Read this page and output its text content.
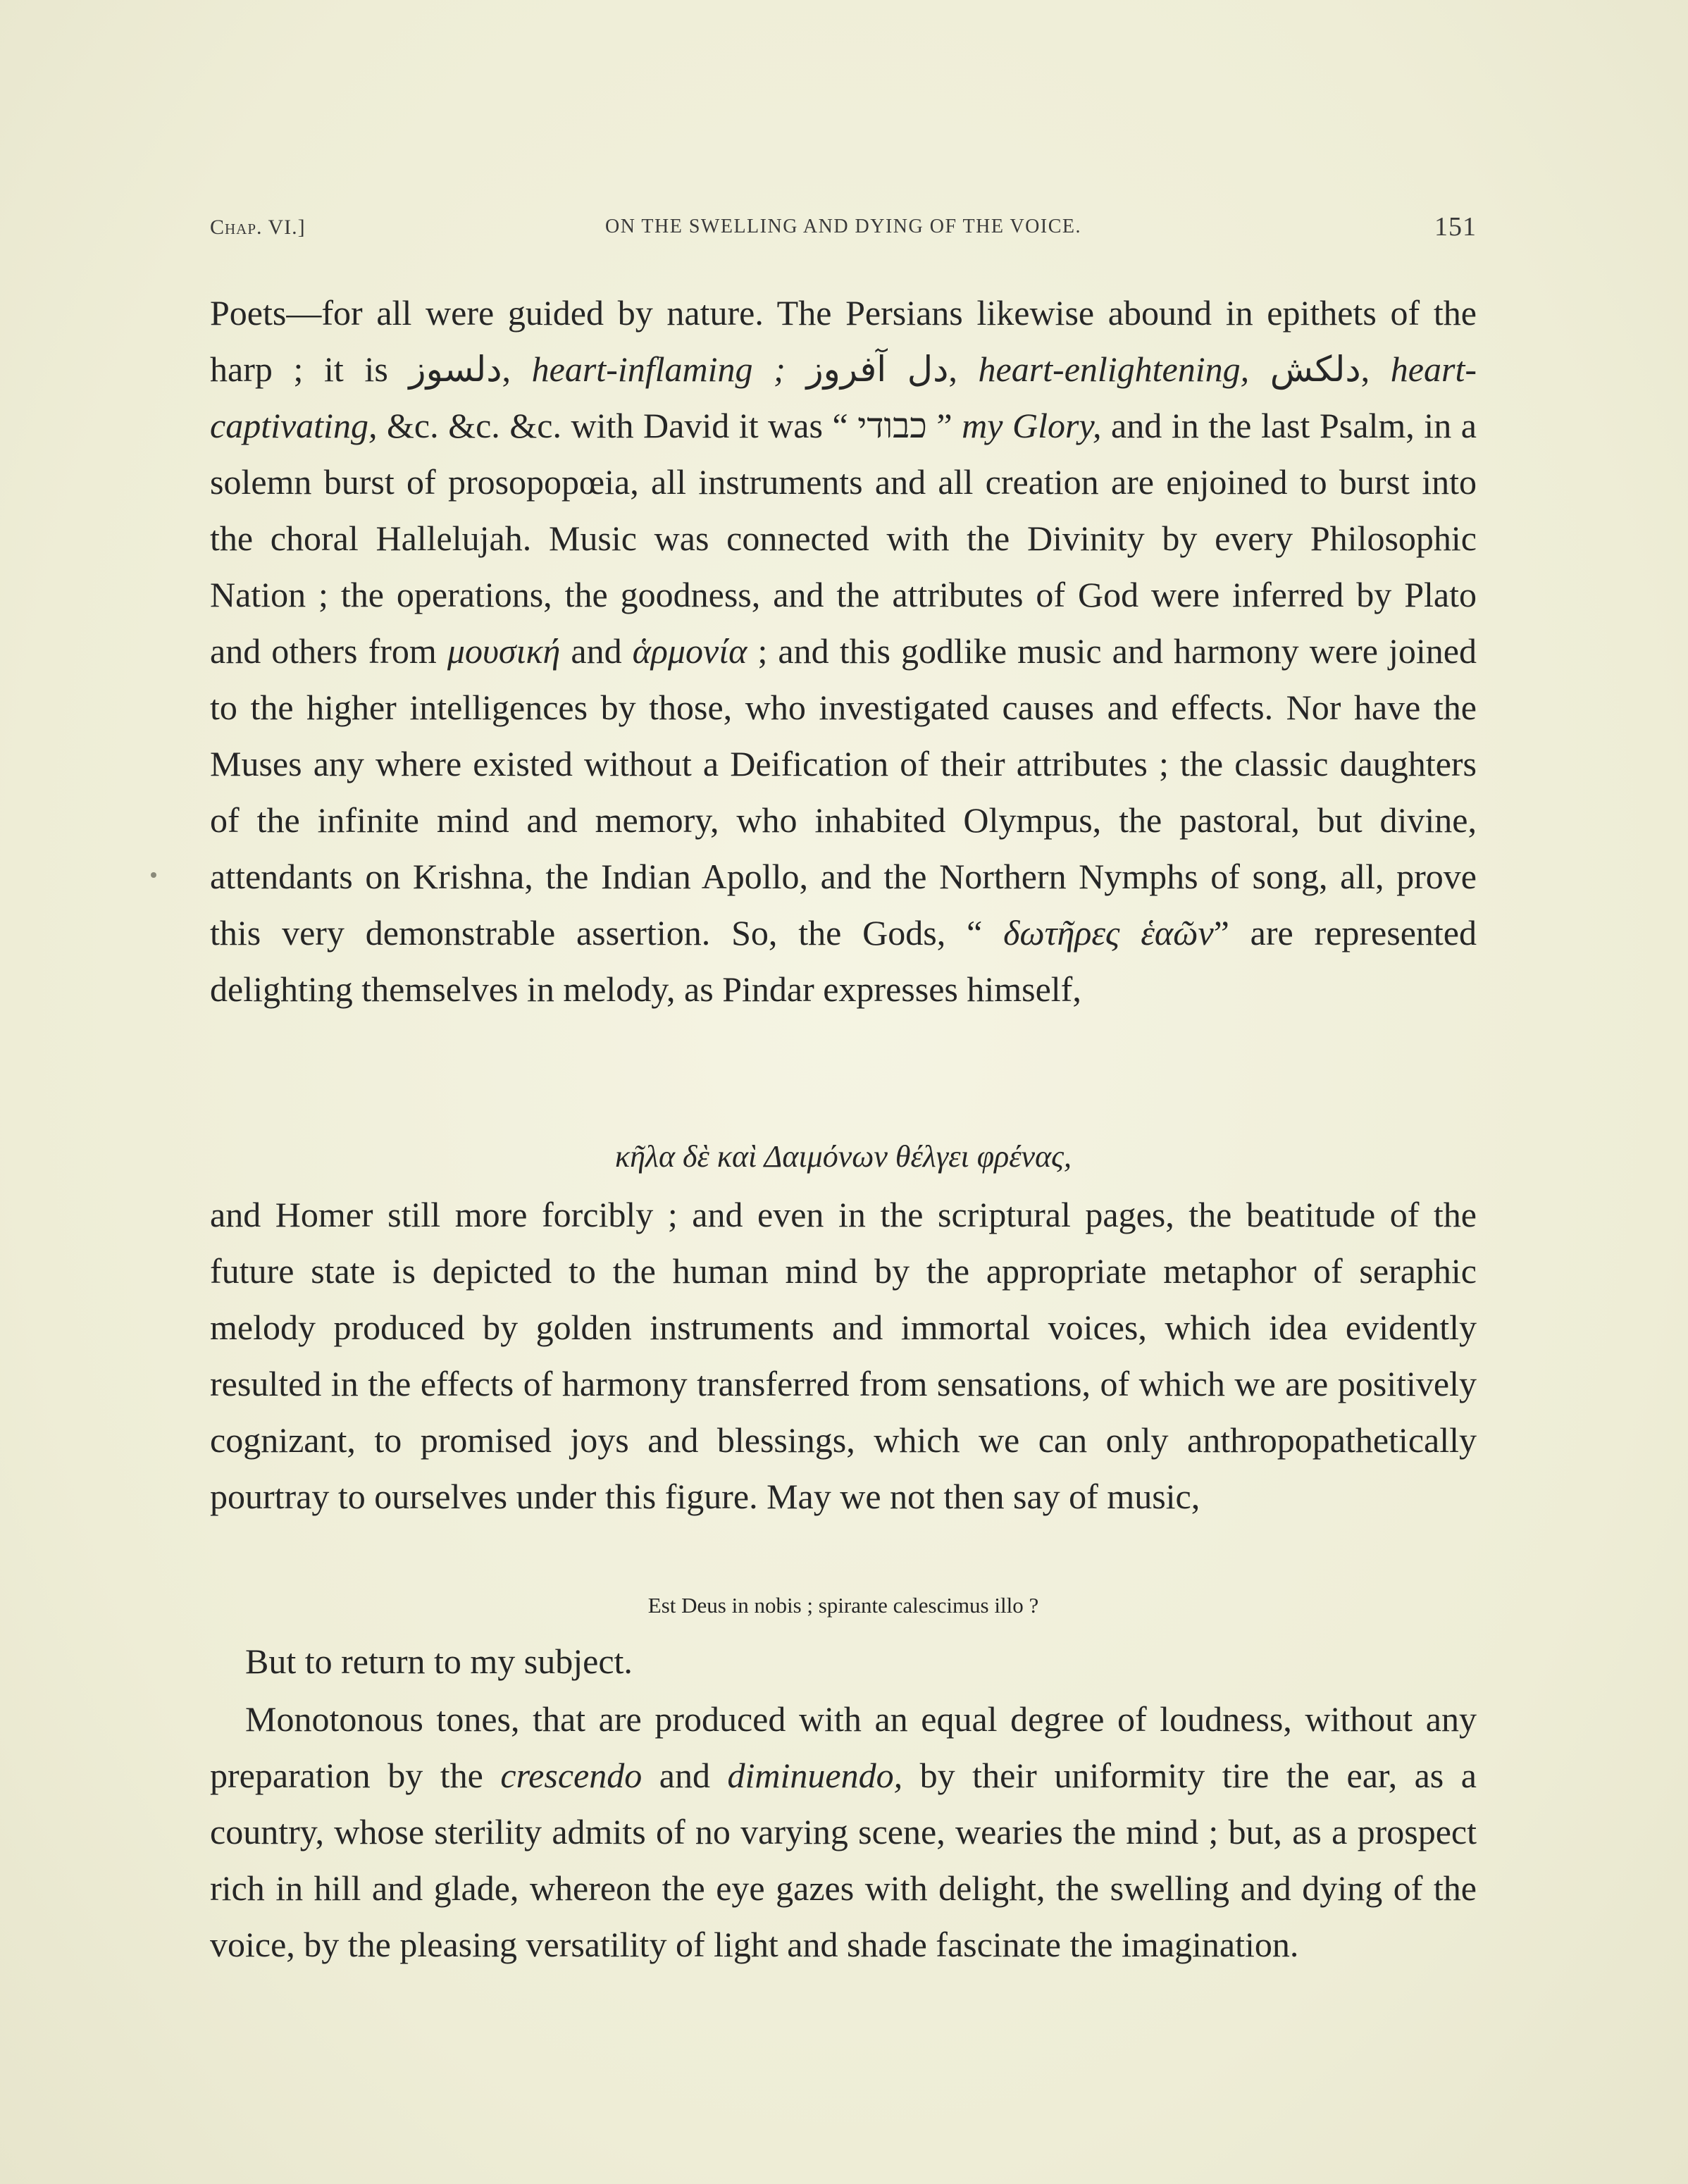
Chap. VI.]	ON THE SWELLING AND DYING OF THE VOICE.	151

Poets—for all were guided by nature. The Persians likewise abound in epithets of the harp ; it is دلسوز, heart-inflaming ; دل آفروز, heart-enlightening, دلکش, heart-captivating, &c. &c. &c. with David it was “ כבודי ” my Glory, and in the last Psalm, in a solemn burst of prosopopœia, all instruments and all creation are enjoined to burst into the choral Hallelujah. Music was connected with the Divinity by every Philosophic Nation ; the operations, the goodness, and the attributes of God were inferred by Plato and others from μουσική and ἁρμονία ; and this godlike music and harmony were joined to the higher intelligences by those, who investigated causes and effects. Nor have the Muses any where existed without a Deification of their attributes ; the classic daughters of the infinite mind and memory, who inhabited Olympus, the pastoral, but divine, attendants on Krishna, the Indian Apollo, and the Northern Nymphs of song, all, prove this very demonstrable assertion. So, the Gods, “ δωτῆρες ἑαῶν” are represented delighting themselves in melody, as Pindar expresses himself,

κῆλα δὲ καὶ Δαιμόνων θέλγει φρένας,
and Homer still more forcibly ; and even in the scriptural pages, the beatitude of the future state is depicted to the human mind by the appropriate metaphor of seraphic melody produced by golden instruments and immortal voices, which idea evidently resulted in the effects of harmony transferred from sensations, of which we are positively cognizant, to promised joys and blessings, which we can only anthropopathetically pourtray to ourselves under this figure. May we not then say of music,
Est Deus in nobis ; spirante calescimus illo ?
But to return to my subject.

Monotonous tones, that are produced with an equal degree of loudness, without any preparation by the crescendo and diminuendo, by their uniformity tire the ear, as a country, whose sterility admits of no varying scene, wearies the mind ; but, as a prospect rich in hill and glade, whereon the eye gazes with delight, the swelling and dying of the voice, by the pleasing versatility of light and shade fascinate the imagination.
